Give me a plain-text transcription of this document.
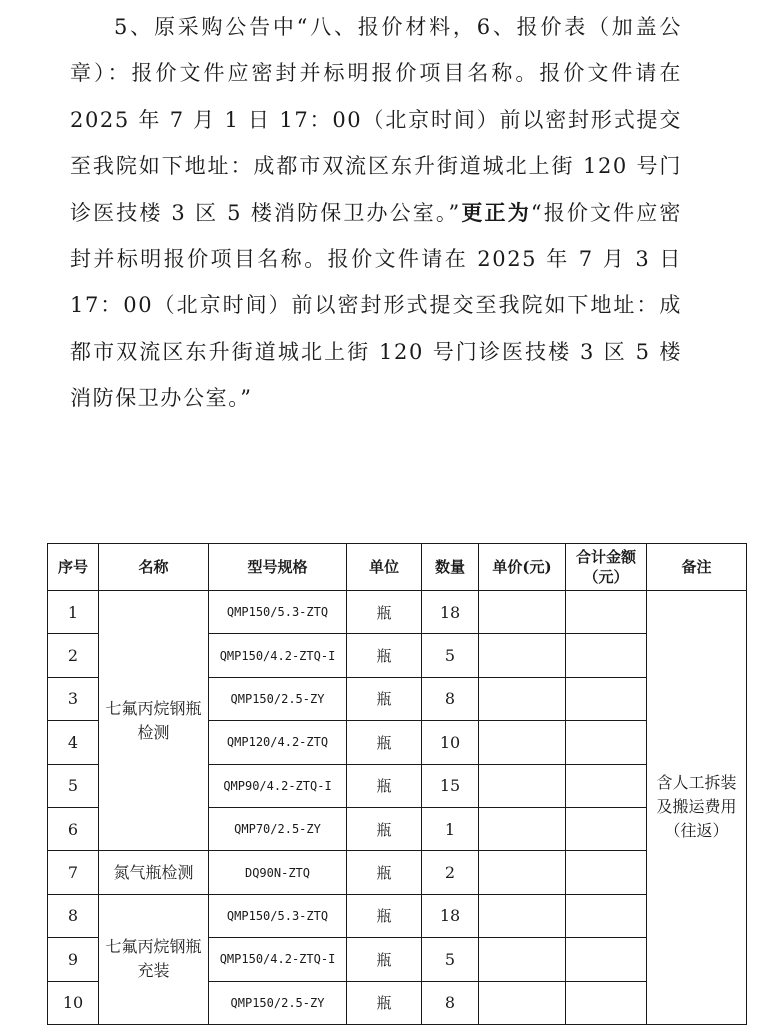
5、原采购公告中“八、报价材料，6、报价表（加盖公章）：报价文件应密封并标明报价项目名称。报价文件请在 2025 年 7 月 1 日 17：00（北京时间）前以密封形式提交至我院如下地址：成都市双流区东升街道城北上街 120 号门诊医技楼 3 区 5 楼消防保卫办公室。”更正为“报价文件应密封并标明报价项目名称。报价文件请在 2025 年 7 月 3 日 17：00（北京时间）前以密封形式提交至我院如下地址：成都市双流区东升街道城北上街 120 号门诊医技楼 3 区 5 楼消防保卫办公室。”

序号	名称	型号规格	单位	数量	单价(元)	合计金额（元）	备注
1	七氟丙烷钢瓶检测	QMP150/5.3-ZTQ	瓶	18			含人工拆装及搬运费用（往返）
2		QMP150/4.2-ZTQ-I	瓶	5			
3		QMP150/2.5-ZY	瓶	8			
4		QMP120/4.2-ZTQ	瓶	10			
5		QMP90/4.2-ZTQ-I	瓶	15			
6		QMP70/2.5-ZY	瓶	1			
7	氮气瓶检测	DQ90N-ZTQ	瓶	2			
8	七氟丙烷钢瓶充装	QMP150/5.3-ZTQ	瓶	18			
9		QMP150/4.2-ZTQ-I	瓶	5			
10		QMP150/2.5-ZY	瓶	8			
